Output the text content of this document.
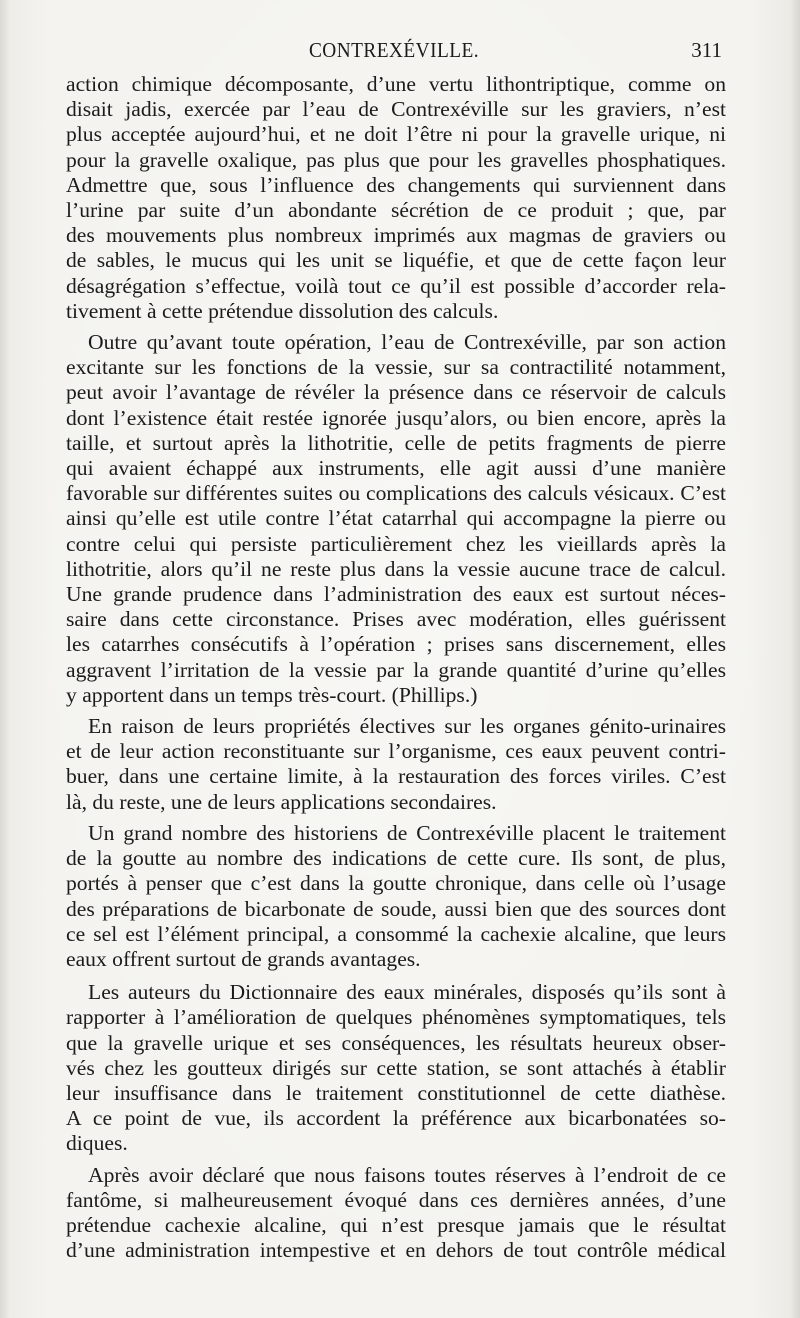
CONTREXÉVILLE.	311

action chimique décomposante, d’une vertu lithontriptique, comme on
disait jadis, exercée par l’eau de Contrexéville sur les graviers, n’est
plus acceptée aujourd’hui, et ne doit l’être ni pour la gravelle urique, ni
pour la gravelle oxalique, pas plus que pour les gravelles phosphatiques.
Admettre que, sous l’influence des changements qui surviennent dans
l’urine par suite d’un abondante sécrétion de ce produit ; que, par
des mouvements plus nombreux imprimés aux magmas de graviers ou
de sables, le mucus qui les unit se liquéfie, et que de cette façon leur
désagrégation s’effectue, voilà tout ce qu’il est possible d’accorder rela-
tivement à cette prétendue dissolution des calculs.

Outre qu’avant toute opération, l’eau de Contrexéville, par son action
excitante sur les fonctions de la vessie, sur sa contractilité notamment,
peut avoir l’avantage de révéler la présence dans ce réservoir de calculs
dont l’existence était restée ignorée jusqu’alors, ou bien encore, après la
taille, et surtout après la lithotritie, celle de petits fragments de pierre
qui avaient échappé aux instruments, elle agit aussi d’une manière
favorable sur différentes suites ou complications des calculs vésicaux. C’est
ainsi qu’elle est utile contre l’état catarrhal qui accompagne la pierre ou
contre celui qui persiste particulièrement chez les vieillards après la
lithotritie, alors qu’il ne reste plus dans la vessie aucune trace de calcul.
Une grande prudence dans l’administration des eaux est surtout néces-
saire dans cette circonstance. Prises avec modération, elles guérissent
les catarrhes consécutifs à l’opération ; prises sans discernement, elles
aggravent l’irritation de la vessie par la grande quantité d’urine qu’elles
y apportent dans un temps très-court. (Phillips.)

En raison de leurs propriétés électives sur les organes génito-urinaires
et de leur action reconstituante sur l’organisme, ces eaux peuvent contri-
buer, dans une certaine limite, à la restauration des forces viriles. C’est
là, du reste, une de leurs applications secondaires.

Un grand nombre des historiens de Contrexéville placent le traitement
de la goutte au nombre des indications de cette cure. Ils sont, de plus,
portés à penser que c’est dans la goutte chronique, dans celle où l’usage
des préparations de bicarbonate de soude, aussi bien que des sources dont
ce sel est l’élément principal, a consommé la cachexie alcaline, que leurs
eaux offrent surtout de grands avantages.

Les auteurs du Dictionnaire des eaux minérales, disposés qu’ils sont à
rapporter à l’amélioration de quelques phénomènes symptomatiques, tels
que la gravelle urique et ses conséquences, les résultats heureux obser-
vés chez les goutteux dirigés sur cette station, se sont attachés à établir
leur insuffisance dans le traitement constitutionnel de cette diathèse.
A ce point de vue, ils accordent la préférence aux bicarbonatées so-
diques.

Après avoir déclaré que nous faisons toutes réserves à l’endroit de ce
fantôme, si malheureusement évoqué dans ces dernières années, d’une
prétendue cachexie alcaline, qui n’est presque jamais que le résultat
d’une administration intempestive et en dehors de tout contrôle médical
